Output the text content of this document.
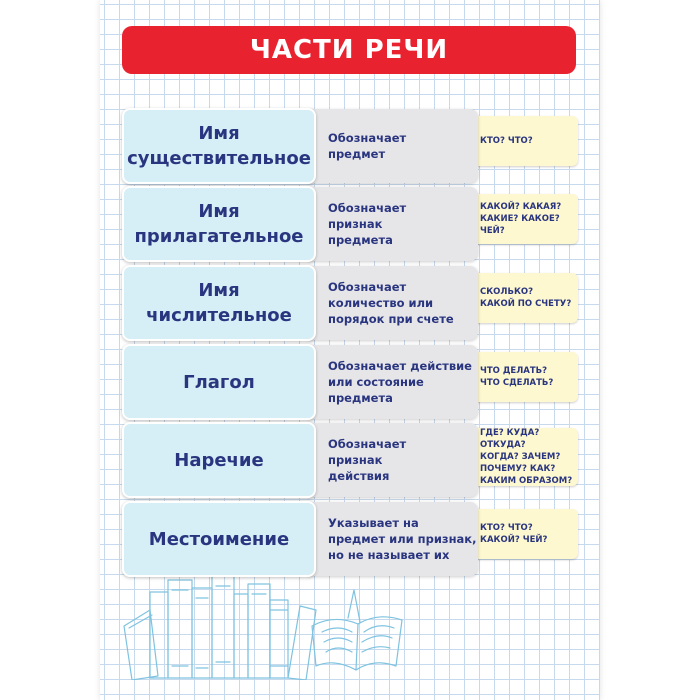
ЧАСТИ РЕЧИ
Имя
существительное
Обозначает
предмет
КТО? ЧТО?
Имя
прилагательное
Обозначает
признак
предмета
КАКОЙ? КАКАЯ?
КАКИЕ? КАКОЕ?
ЧЕЙ?
Имя
числительное
Обозначает
количество или
порядок при счете
СКОЛЬКО?
КАКОЙ ПО СЧЕТУ?
Глагол
Обозначает действие
или состояние
предмета
ЧТО ДЕЛАТЬ?
ЧТО СДЕЛАТЬ?
Наречие
Обозначает
признак
действия
ГДЕ? КУДА? ОТКУДА?
КОГДА? ЗАЧЕМ?
ПОЧЕМУ? КАК?
КАКИМ ОБРАЗОМ?
Местоимение
Указывает на
предмет или признак,
но не называет их
КТО? ЧТО?
КАКОЙ? ЧЕЙ?
